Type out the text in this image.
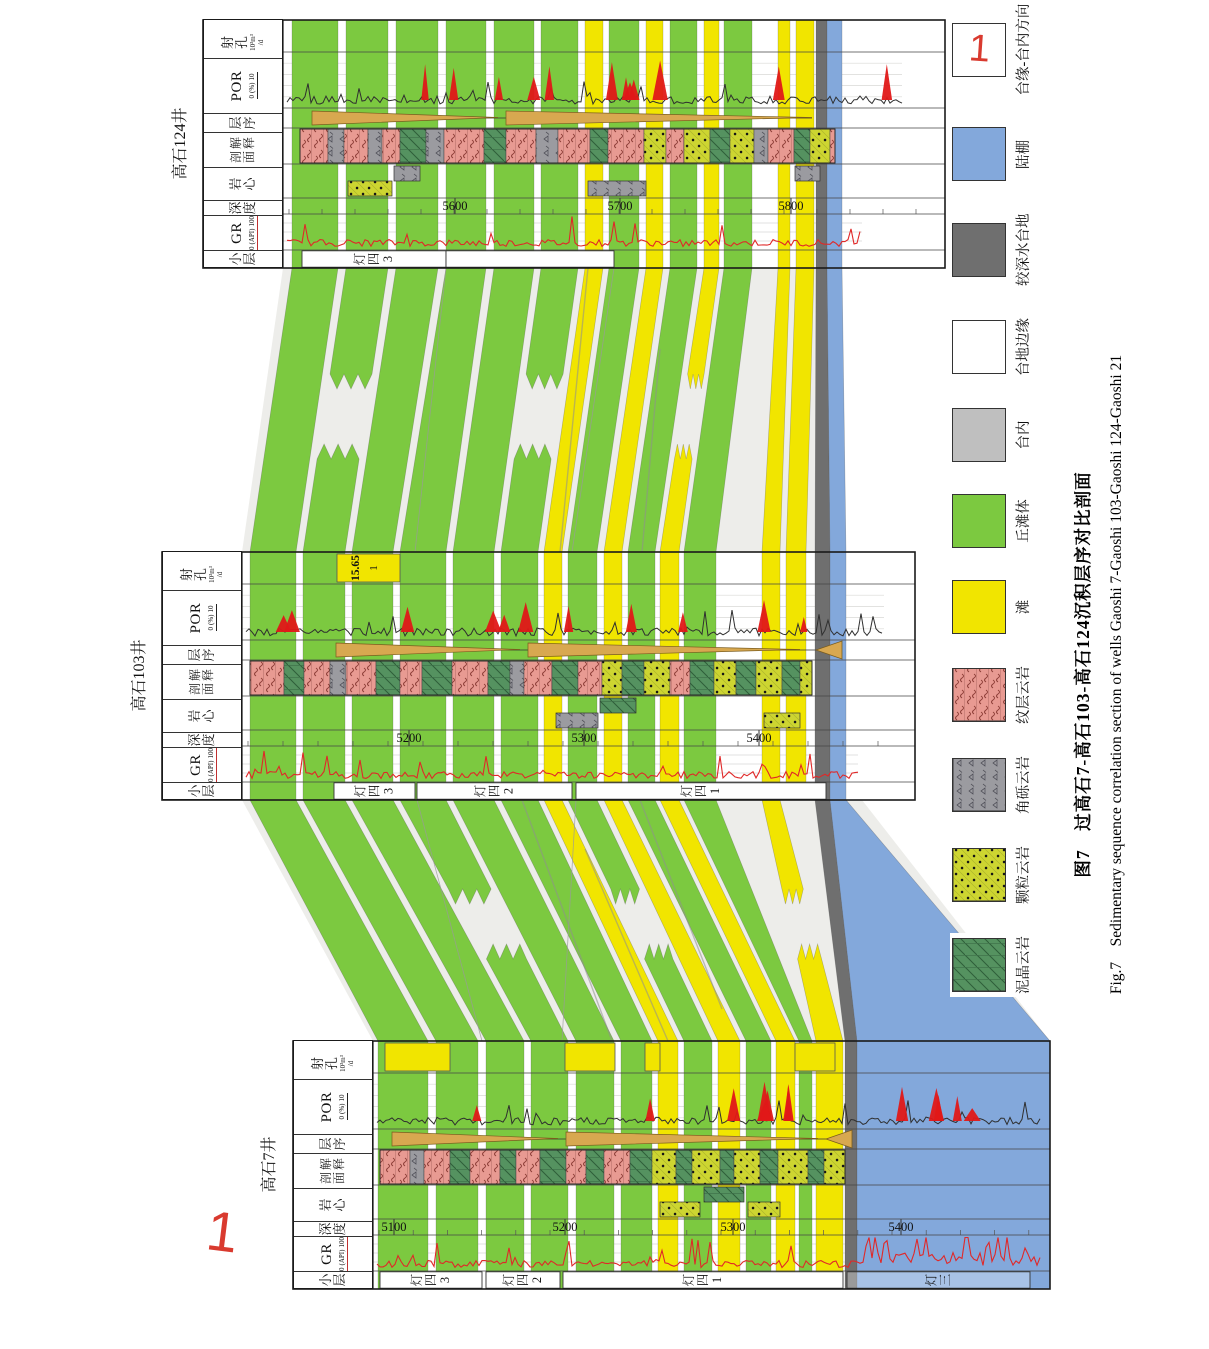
灯 四 3	灯 四 2	灯 四 1	灯 三
5100	5200	5300	5400
灯 四 3	灯 四 2	灯 四 1
5200	5300	5400
15.65 1
灯 四 3
5600	5700	5800
高石7井
小 层
GR
0
(API)
100
深 度
岩 心
剖 面
解 释
层 序
POR 0
(%)
10
射 孔 10³m³ /d
高石103井
小 层
GR
0
(API)
100
深 度
岩 心
剖 面
解 释
层 序
POR 0
(%)
10
射 孔 10³m³ /d
高石124井
小 层
GR
0
(API)
100
深 度
岩 心
剖 面
解 释
层 序
POR 0
(%)
10
射 孔 10³m³ /d
1
泥晶云岩
颗粒云岩
角砾云岩
纹层云岩
滩
丘滩体
台内
台地边缘
较深水台地
陆棚
1 台缘-台内方向
图7　过高石7-高石103-高石124沉积层序对比剖面 Fig.7　Sedimentary sequence correlation section of wells Gaoshi 7-Gaoshi 103-Gaoshi 124-Gaoshi 21
